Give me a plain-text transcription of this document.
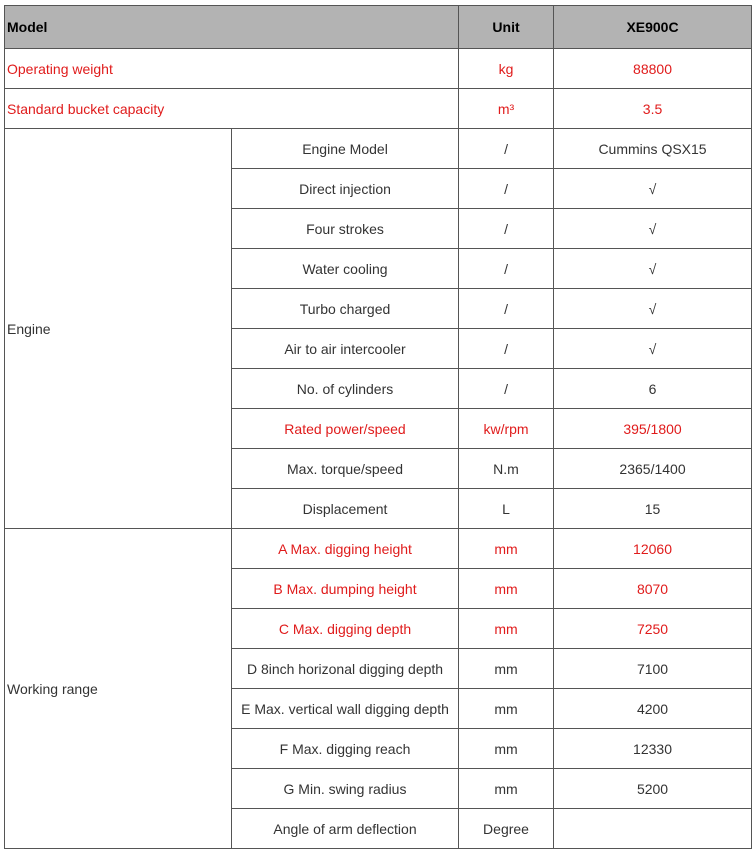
Model		Unit	XE900C
Operating weight		kg	88800
Standard bucket capacity		m³	3.5
Engine	Engine Model	/	Cummins QSX15
	Direct injection	/	√
	Four strokes	/	√
	Water cooling	/	√
	Turbo charged	/	√
	Air to air intercooler	/	√
	No. of cylinders	/	6
	Rated power/speed	kw/rpm	395/1800
	Max. torque/speed	N.m	2365/1400
	Displacement	L	15
Working range	A Max. digging height	mm	12060
	B Max. dumping height	mm	8070
	C Max. digging depth	mm	7250
	D 8inch horizonal digging depth	mm	7100
	E Max. vertical wall digging depth	mm	4200
	F Max. digging reach	mm	12330
	G Min. swing radius	mm	5200
	Angle of arm deflection	Degree	
